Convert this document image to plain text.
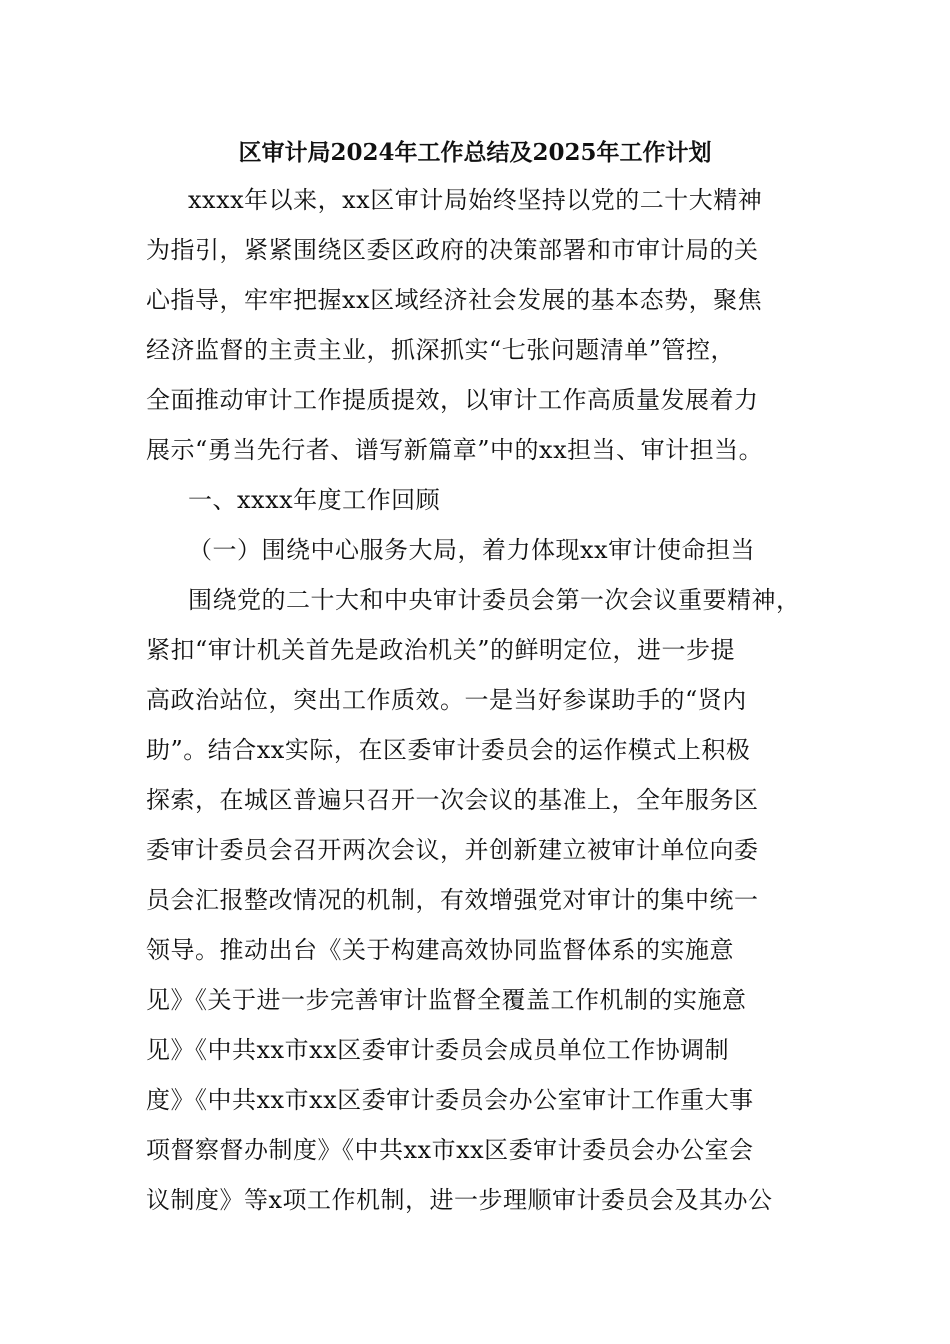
区审计局2024年工作总结及2025年工作计划
xxxx年以来，xx区审计局始终坚持以党的二十大精神
为指引，紧紧围绕区委区政府的决策部署和市审计局的关
心指导，牢牢把握xx区域经济社会发展的基本态势，聚焦
经济监督的主责主业，抓深抓实“七张问题清单”管控，
全面推动审计工作提质提效，以审计工作高质量发展着力
展示“勇当先行者、谱写新篇章”中的xx担当、审计担当。
一、xxxx年度工作回顾
（一）围绕中心服务大局，着力体现xx审计使命担当
围绕党的二十大和中央审计委员会第一次会议重要精神，
紧扣“审计机关首先是政治机关”的鲜明定位，进一步提
高政治站位，突出工作质效。一是当好参谋助手的“贤内
助”。结合xx实际，在区委审计委员会的运作模式上积极
探索，在城区普遍只召开一次会议的基准上，全年服务区
委审计委员会召开两次会议，并创新建立被审计单位向委
员会汇报整改情况的机制，有效增强党对审计的集中统一
领导。推动出台《关于构建高效协同监督体系的实施意
见》《关于进一步完善审计监督全覆盖工作机制的实施意
见》《中共xx市xx区委审计委员会成员单位工作协调制
度》《中共xx市xx区委审计委员会办公室审计工作重大事
项督察督办制度》《中共xx市xx区委审计委员会办公室会
议制度》等x项工作机制，进一步理顺审计委员会及其办公
